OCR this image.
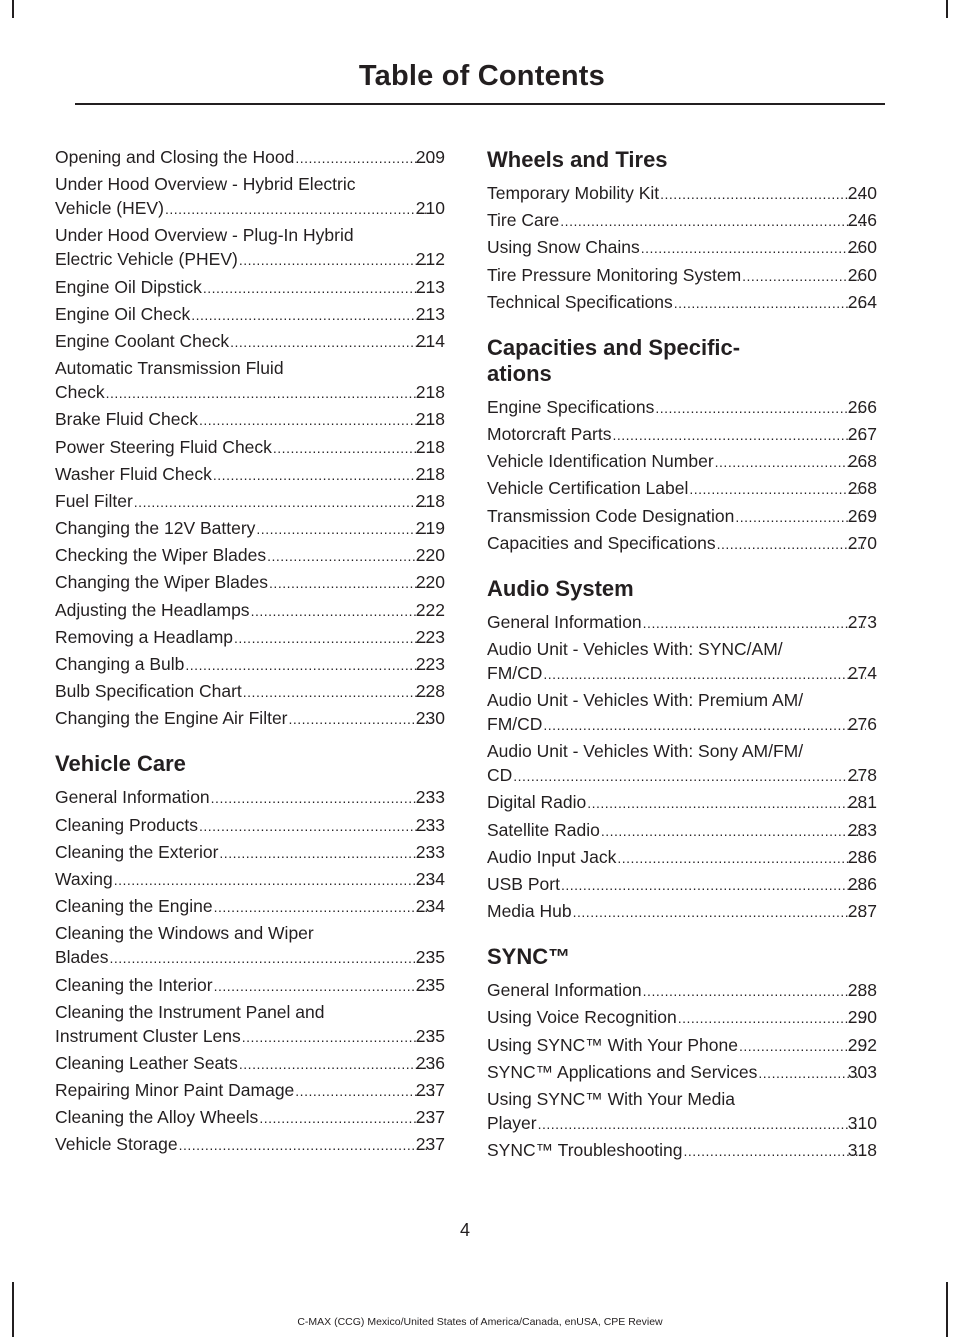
Table of Contents
Opening and Closing the Hood .....	209
Under Hood Overview - Hybrid Electric
Vehicle (HEV) .....	210
Under Hood Overview - Plug-In Hybrid
Electric Vehicle (PHEV) .....	212
Engine Oil Dipstick .....	213
Engine Oil Check .....	213
Engine Coolant Check .....	214
Automatic Transmission Fluid
Check .....	218
Brake Fluid Check .....	218
Power Steering Fluid Check .....	218
Washer Fluid Check .....	218
Fuel Filter .....	218
Changing the 12V Battery .....	219
Checking the Wiper Blades .....	220
Changing the Wiper Blades .....	220
Adjusting the Headlamps .....	222
Removing a Headlamp .....	223
Changing a Bulb .....	223
Bulb Specification Chart .....	228
Changing the Engine Air Filter .....	230
Vehicle Care
General Information .....	233
Cleaning Products .....	233
Cleaning the Exterior .....	233
Waxing .....	234
Cleaning the Engine .....	234
Cleaning the Windows and Wiper
Blades .....	235
Cleaning the Interior .....	235
Cleaning the Instrument Panel and
Instrument Cluster Lens .....	235
Cleaning Leather Seats .....	236
Repairing Minor Paint Damage .....	237
Cleaning the Alloy Wheels .....	237
Vehicle Storage .....	237
Wheels and Tires
Temporary Mobility Kit .....	240
Tire Care .....	246
Using Snow Chains .....	260
Tire Pressure Monitoring System .....	260
Technical Specifications .....	264
Capacities and Specific-
ations
Engine Specifications .....	266
Motorcraft Parts .....	267
Vehicle Identification Number .....	268
Vehicle Certification Label .....	268
Transmission Code Designation .....	269
Capacities and Specifications .....	270
Audio System
General Information .....	273
Audio Unit - Vehicles With: SYNC/AM/
FM/CD .....	274
Audio Unit - Vehicles With: Premium AM/
FM/CD .....	276
Audio Unit - Vehicles With: Sony AM/FM/
CD .....	278
Digital Radio .....	281
Satellite Radio .....	283
Audio Input Jack .....	286
USB Port .....	286
Media Hub .....	287
SYNC™
General Information .....	288
Using Voice Recognition .....	290
Using SYNC™ With Your Phone .....	292
SYNC™ Applications and Services .....	303
Using SYNC™ With Your Media
Player .....	310
SYNC™ Troubleshooting .....	318
4
C-MAX (CCG) Mexico/United States of America/Canada, enUSA, CPE Review
